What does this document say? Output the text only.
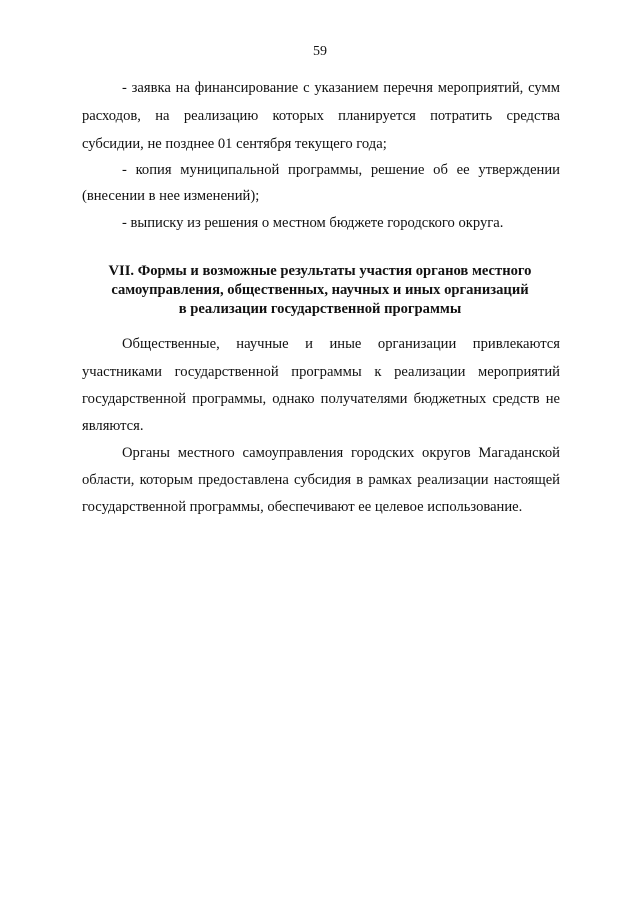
59
- заявка на финансирование с указанием перечня мероприятий, сумм
расходов, на реализацию которых планируется потратить средства
субсидии, не позднее 01 сентября текущего года;
- копия муниципальной программы, решение об ее утверждении
(внесении в нее изменений);
- выписку из решения о местном бюджете городского округа.
VII. Формы и возможные результаты участия органов местного
самоуправления, общественных, научных и иных организаций
в реализации государственной программы
Общественные, научные и иные организации привлекаются
участниками государственной программы к реализации мероприятий
государственной программы, однако получателями бюджетных средств не
являются.
Органы местного самоуправления городских округов Магаданской
области, которым предоставлена субсидия в рамках реализации настоящей
государственной программы, обеспечивают ее целевое использование.
